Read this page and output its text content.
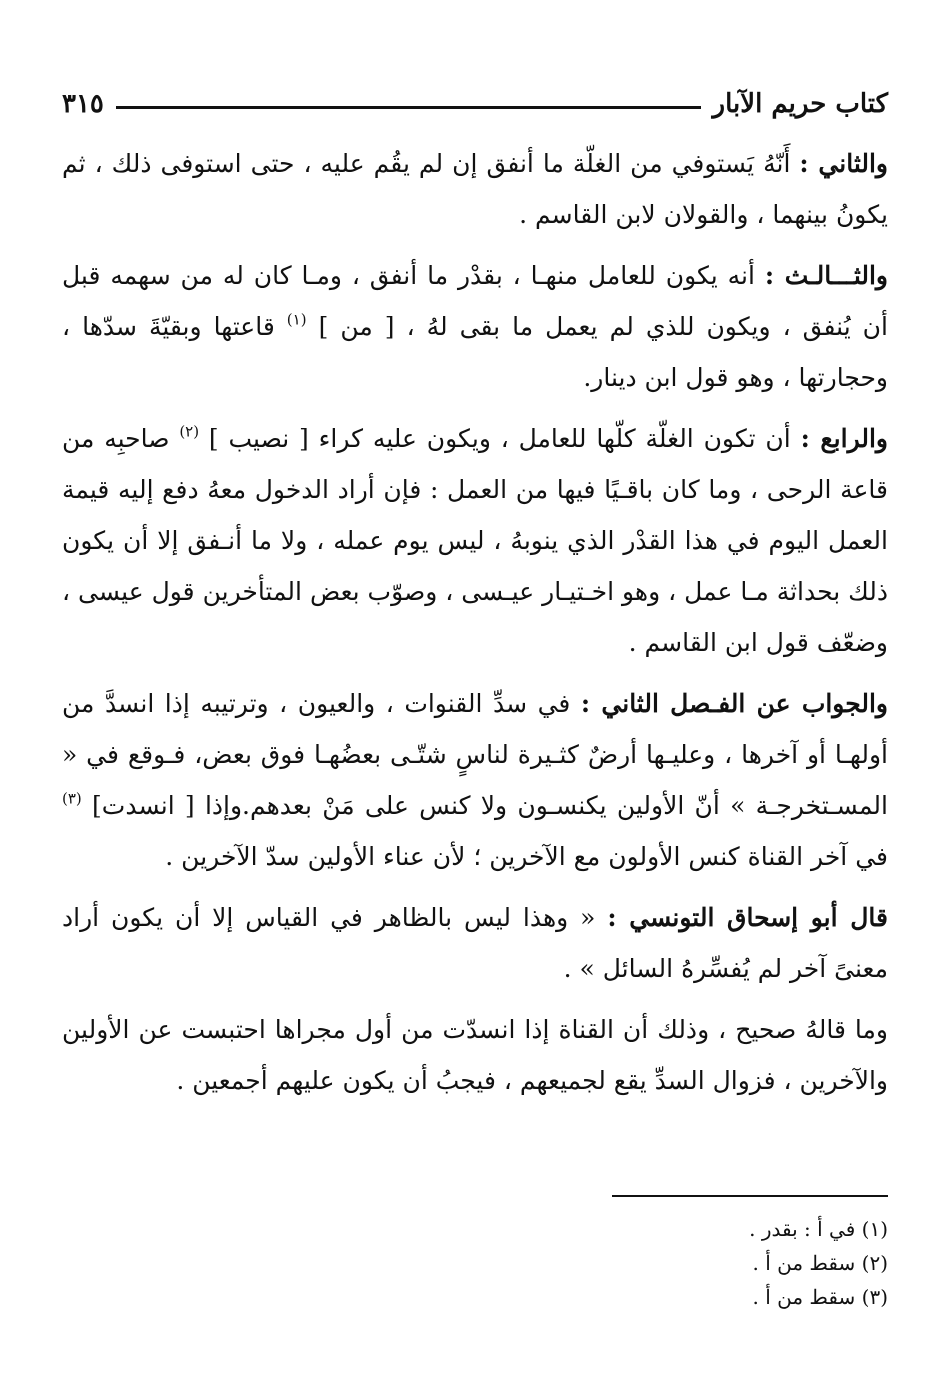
كتاب حريم الآبار
٣١٥

والثاني : أَنّهُ يَستوفي من الغلّة ما أنفق إن لم يقُم عليه ، حتى استوفى ذلك ، ثم يكونُ بينهما ، والقولان لابن القاسم .

والثـــالـث : أنه يكون للعامل منهـا ، بقدْر ما أنفق ، ومـا كان له من سهمه قبل أن يُنفق ، ويكون للذي لم يعمل ما بقى لهُ ، [ من ] $^{(١)}$ قاعتها وبقيّةَ سدّها ، وحجارتها ، وهو قول ابن دينار.

والرابع : أن تكون الغلّة كلّها للعامل ، ويكون عليه كراء [ نصيب ] $^{(٢)}$ صاحبِه من قاعة الرحى ، وما كان باقـيًا فيها من العمل : فإن أراد الدخول معهُ دفع إليه قيمة العمل اليوم في هذا القدْر الذي ينوبهُ ، ليس يوم عمله ، ولا ما أنـفق إلا أن يكون ذلك بحداثة مـا عمل ، وهو اخـتيـار عيـسى ، وصوّب بعض المتأخرين قول عيسى ، وضعّف قول ابن القاسم .

والجواب عن الفـصل الثاني : في سدِّ القنوات ، والعيون ، وترتيبه إذا انسدَّ من أولهـا أو آخرها ، وعليـها أرضٌ كثـيرة لناسٍ شتّـى بعضُهـا فوق بعض، فـوقع في « المسـتخرجـة » أنّ الأولين يكنسـون ولا كنس على مَنْ بعدهم.وإذا [ انسدت] $^{(٣)}$ في آخر القناة كنس الأولون مع الآخرين ؛ لأن عناء الأولين سدّ الآخرين .

قال أبو إسحاق التونسي : « وهذا ليس بالظاهر في القياس إلا أن يكون أراد معنىً آخر لم يُفسِّرهُ السائل » .

وما قالهُ صحيح ، وذلك أن القناة إذا انسدّت من أول مجراها احتبست عن الأولين والآخرين ، فزوال السدِّ يقع لجميعهم ، فيجبُ أن يكون عليهم أجمعين .

(١) في أ : بقدر .

(٢) سقط من أ .

(٣) سقط من أ .
